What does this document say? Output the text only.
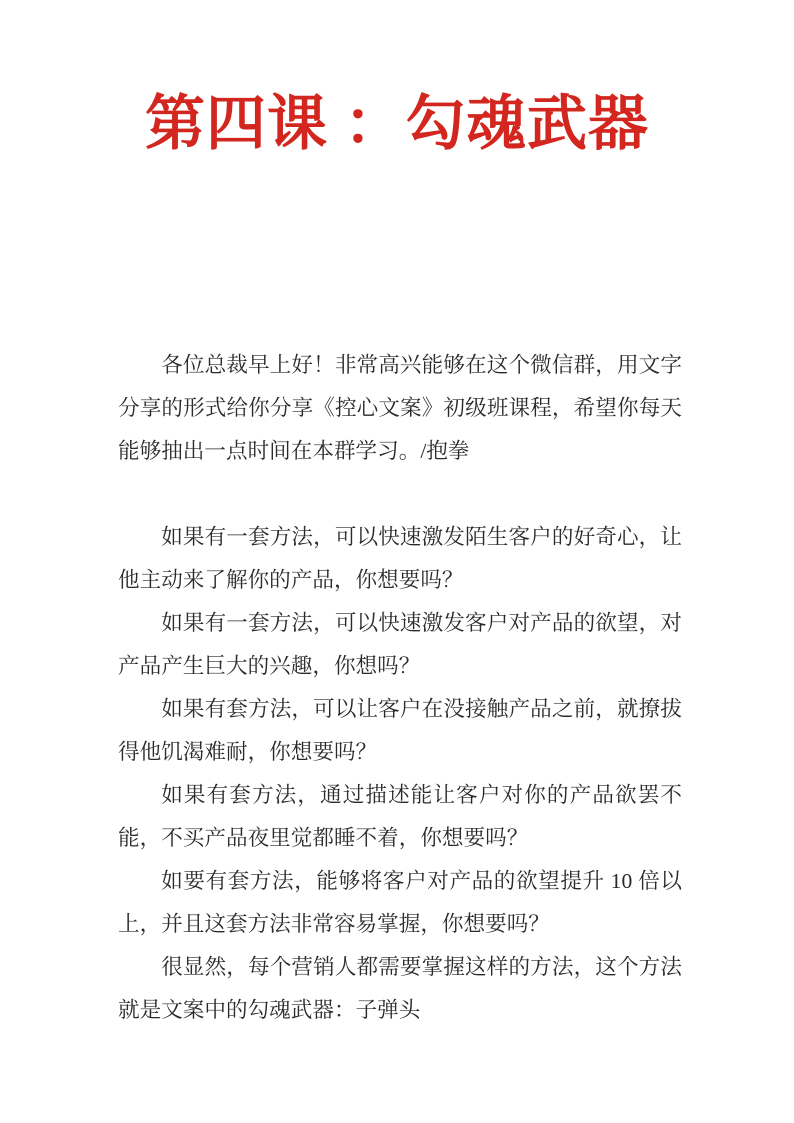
第四课 ：勾魂武器

各位总裁早上好！非常高兴能够在这个微信群，用文字分享的形式给你分享《控心文案》初级班课程，希望你每天能够抽出一点时间在本群学习。/抱拳

如果有一套方法，可以快速激发陌生客户的好奇心，让他主动来了解你的产品，你想要吗？

如果有一套方法，可以快速激发客户对产品的欲望，对产品产生巨大的兴趣，你想吗？

如果有套方法，可以让客户在没接触产品之前，就撩拔得他饥渴难耐，你想要吗？

如果有套方法，通过描述能让客户对你的产品欲罢不能，不买产品夜里觉都睡不着，你想要吗？

如要有套方法，能够将客户对产品的欲望提升 10 倍以上，并且这套方法非常容易掌握，你想要吗？

很显然，每个营销人都需要掌握这样的方法，这个方法就是文案中的勾魂武器：子弹头
